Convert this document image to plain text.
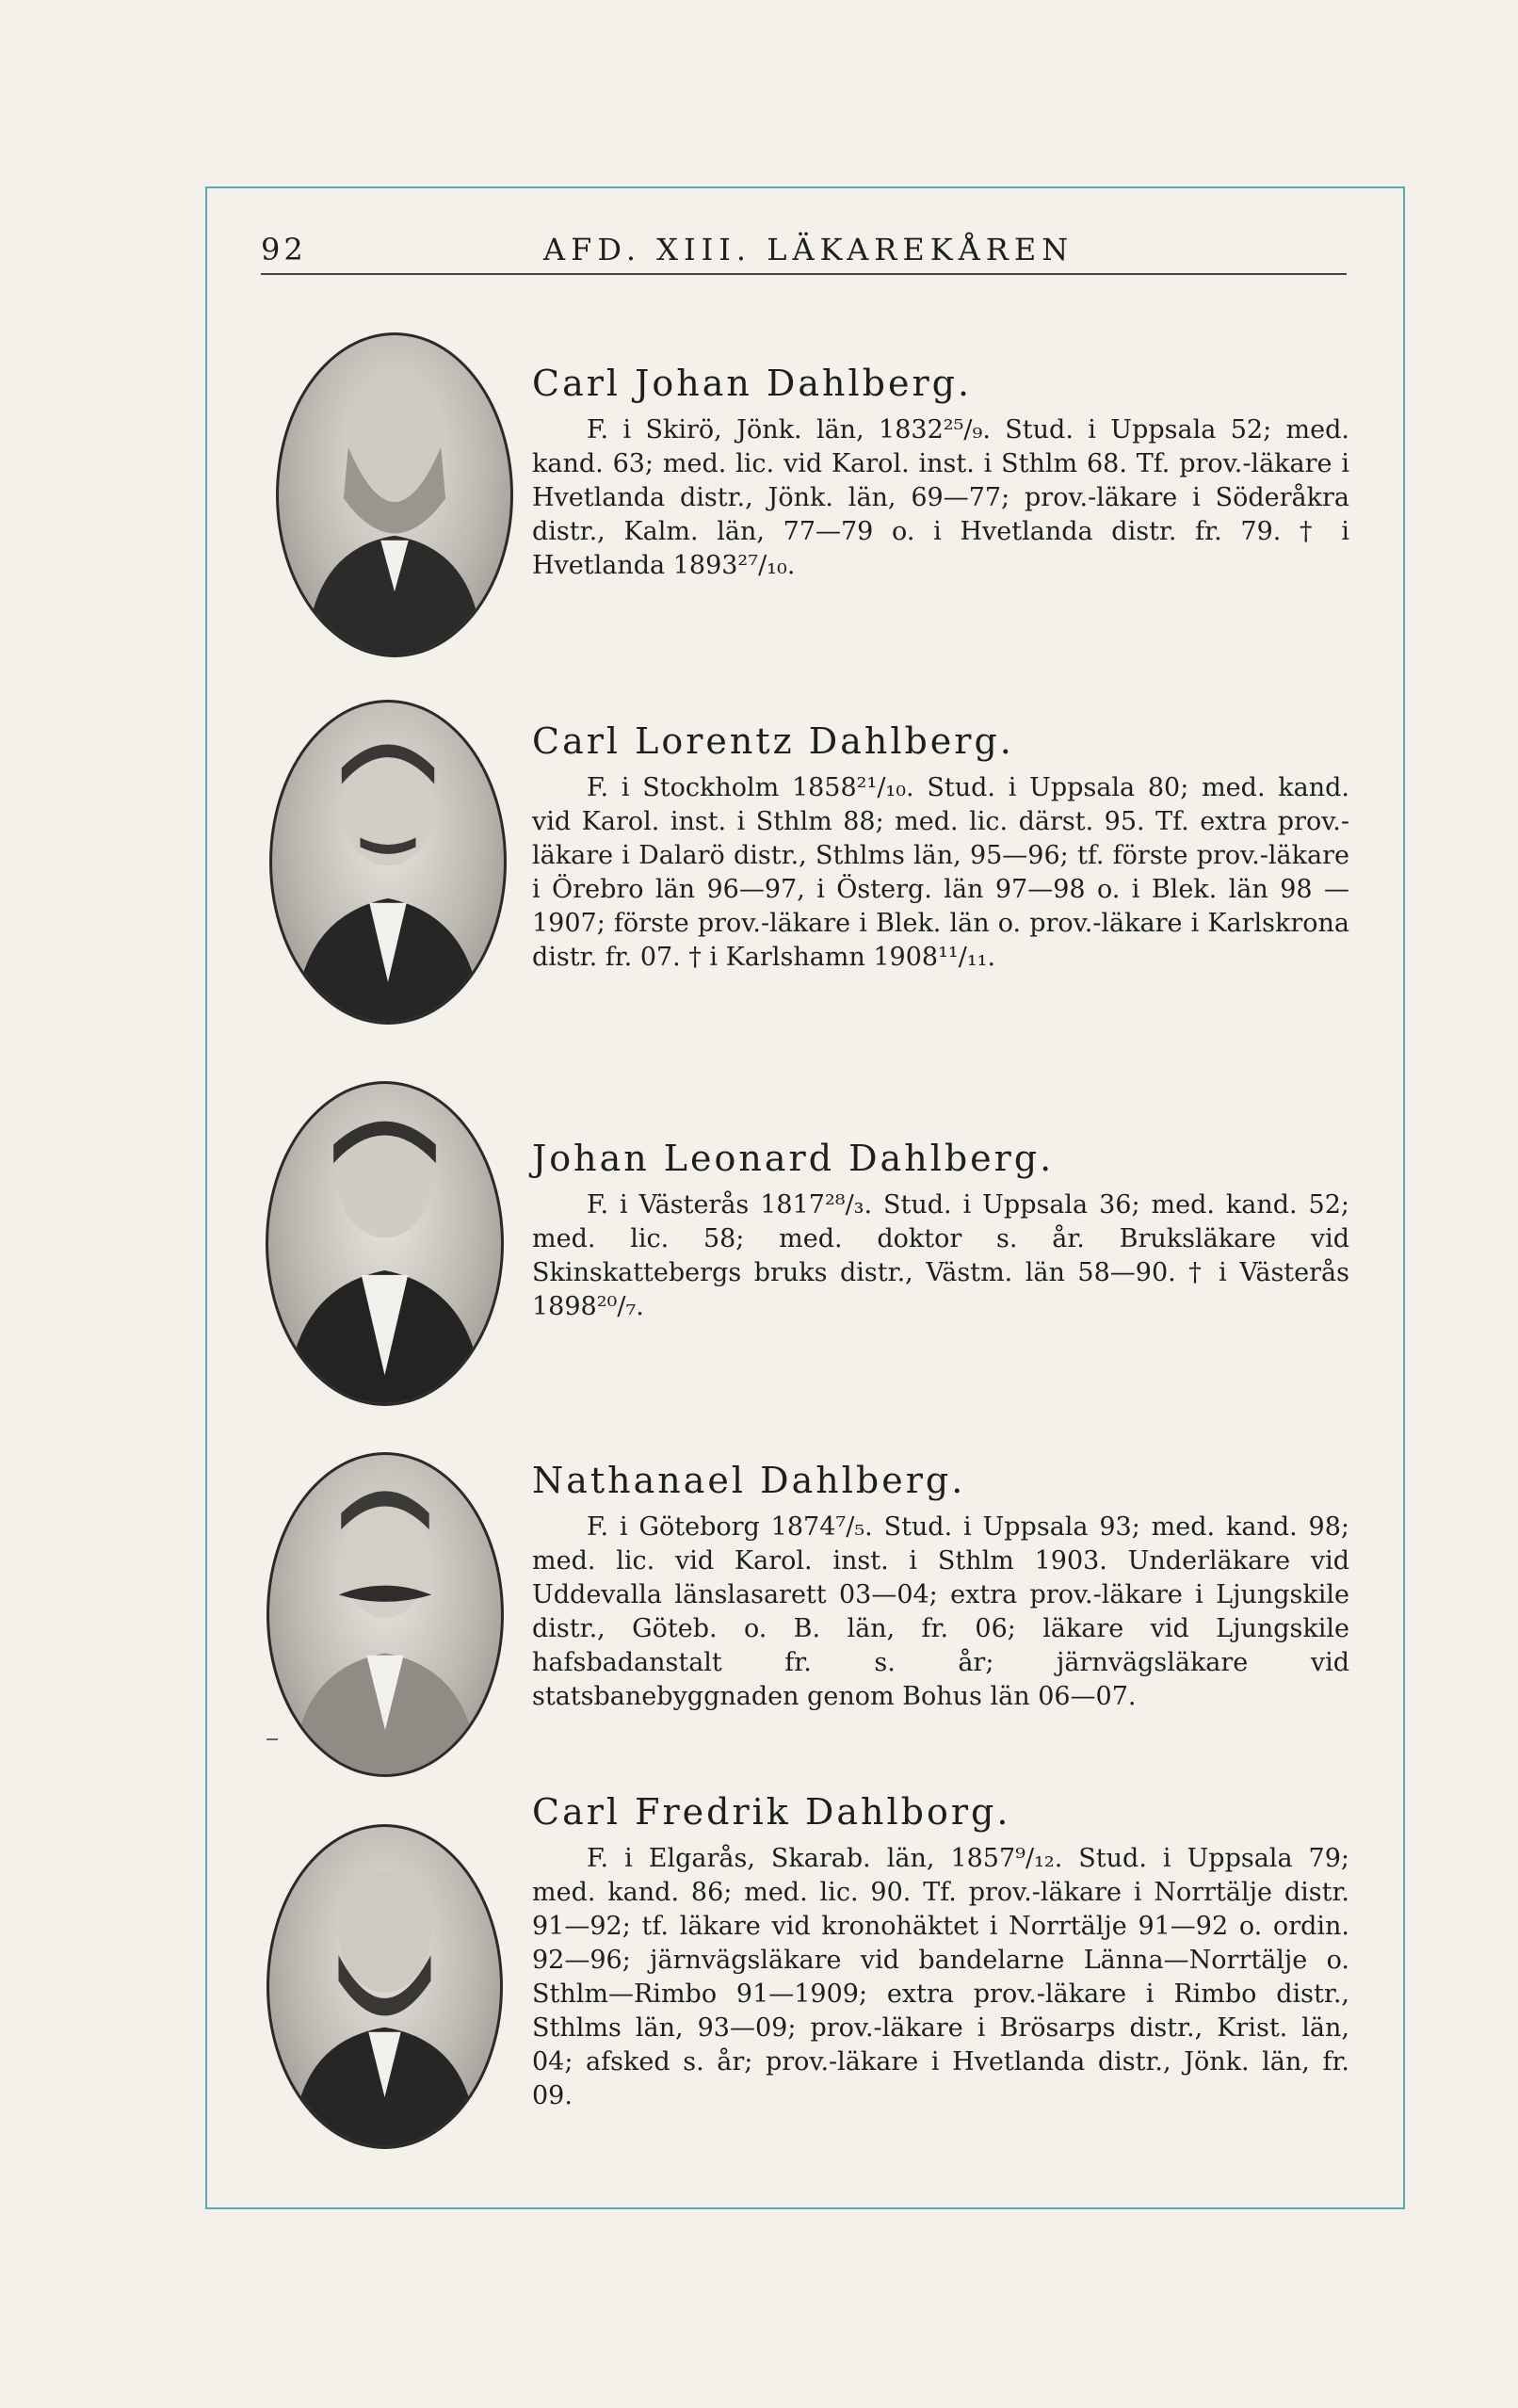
92	AFD. XIII. LÄKAREKÅREN

Carl Johan Dahlberg.

F. i Skirö, Jönk. län, 1832²⁵/₉. Stud. i Uppsala 52; med. kand. 63; med. lic. vid Karol. inst. i Sthlm 68. Tf. prov.-läkare i Hvetlanda distr., Jönk. län, 69—77; prov.-läkare i Söderåkra distr., Kalm. län, 77—79 o. i Hvetlanda distr. fr. 79. † i Hvetlanda 1893²⁷/₁₀.

Carl Lorentz Dahlberg.

F. i Stockholm 1858²¹/₁₀. Stud. i Uppsala 80; med. kand. vid Karol. inst. i Sthlm 88; med. lic. därst. 95. Tf. extra prov.-läkare i Dalarö distr., Sthlms län, 95—96; tf. förste prov.-läkare i Örebro län 96—97, i Österg. län 97—98 o. i Blek. län 98 —1907; förste prov.-läkare i Blek. län o. prov.-läkare i Karlskrona distr. fr. 07. † i Karlshamn 1908¹¹/₁₁.

Johan Leonard Dahlberg.

F. i Västerås 1817²⁸/₃. Stud. i Uppsala 36; med. kand. 52; med. lic. 58; med. doktor s. år. Bruksläkare vid Skinskattebergs bruks distr., Västm. län 58—90. † i Västerås 1898²⁰/₇.

Nathanael Dahlberg.

F. i Göteborg 1874⁷/₅. Stud. i Uppsala 93; med. kand. 98; med. lic. vid Karol. inst. i Sthlm 1903. Underläkare vid Uddevalla länslasarett 03—04; extra prov.-läkare i Ljungskile distr., Göteb. o. B. län, fr. 06; läkare vid Ljungskile hafsbadanstalt fr. s. år; järnvägsläkare vid statsbanebyggnaden genom Bohus län 06—07.

Carl Fredrik Dahlborg.

F. i Elgarås, Skarab. län, 1857⁹/₁₂. Stud. i Uppsala 79; med. kand. 86; med. lic. 90. Tf. prov.-läkare i Norrtälje distr. 91—92; tf. läkare vid kronohäktet i Norrtälje 91—92 o. ordin. 92—96; järnvägsläkare vid bandelarne Länna—Norrtälje o. Sthlm—Rimbo 91—1909; extra prov.-läkare i Rimbo distr., Sthlms län, 93—09; prov.-läkare i Brösarps distr., Krist. län, 04; afsked s. år; prov.-läkare i Hvetlanda distr., Jönk. län, fr. 09.
